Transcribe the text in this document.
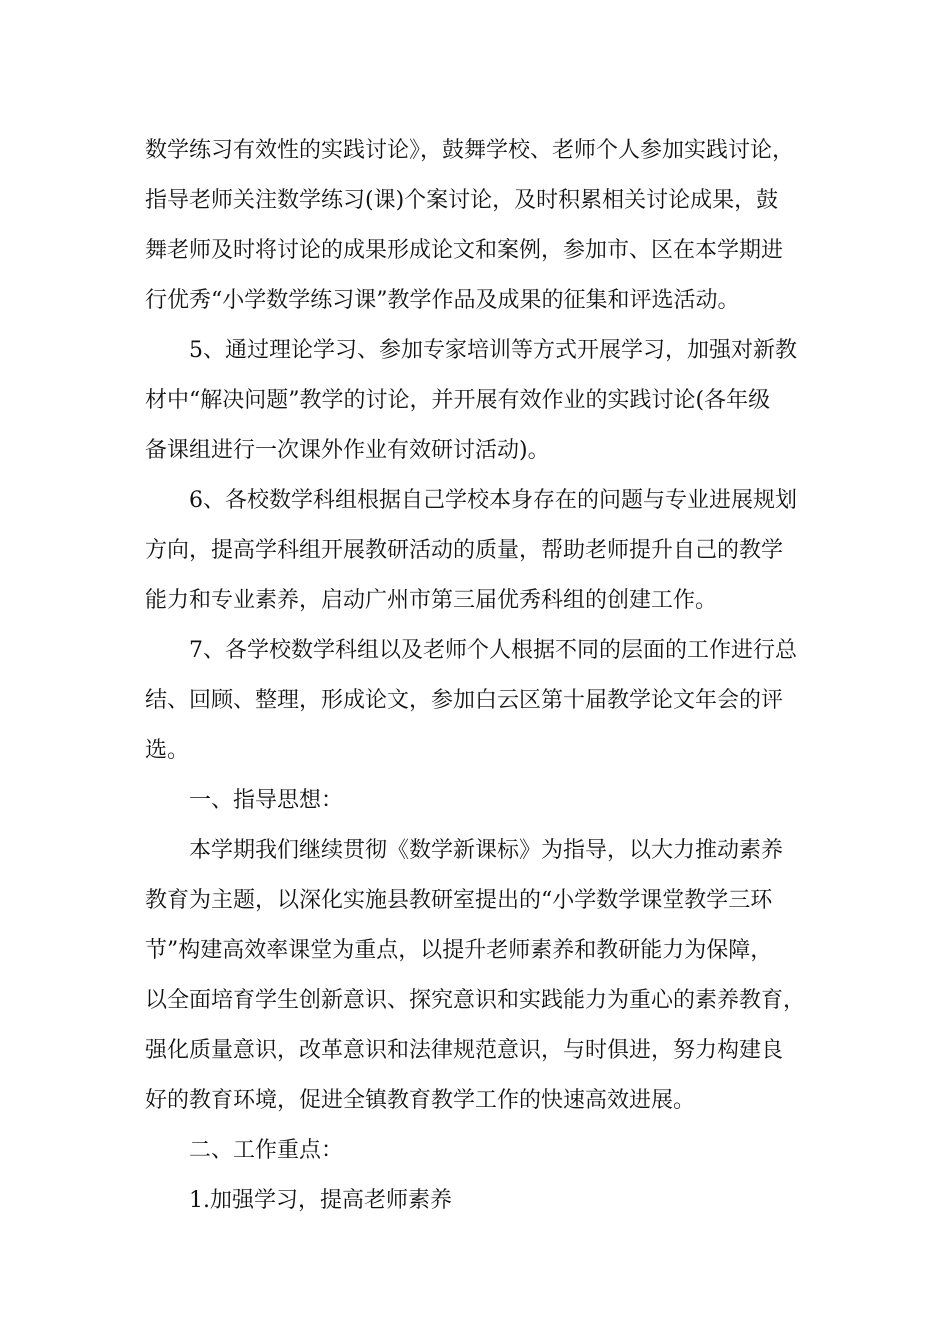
数学练习有效性的实践讨论》，鼓舞学校、老师个人参加实践讨论，
指导老师关注数学练习(课)个案讨论，及时积累相关讨论成果，鼓
舞老师及时将讨论的成果形成论文和案例，参加市、区在本学期进
行优秀“小学数学练习课”教学作品及成果的征集和评选活动。
5、通过理论学习、参加专家培训等方式开展学习，加强对新教
材中“解决问题”教学的讨论，并开展有效作业的实践讨论(各年级
备课组进行一次课外作业有效研讨活动)。
6、各校数学科组根据自己学校本身存在的问题与专业进展规划
方向，提高学科组开展教研活动的质量，帮助老师提升自己的教学
能力和专业素养，启动广州市第三届优秀科组的创建工作。
7、各学校数学科组以及老师个人根据不同的层面的工作进行总
结、回顾、整理，形成论文，参加白云区第十届教学论文年会的评
选。
一、指导思想：
本学期我们继续贯彻《数学新课标》为指导，以大力推动素养
教育为主题，以深化实施县教研室提出的“小学数学课堂教学三环
节”构建高效率课堂为重点，以提升老师素养和教研能力为保障，
以全面培育学生创新意识、探究意识和实践能力为重心的素养教育，
强化质量意识，改革意识和法律规范意识，与时俱进，努力构建良
好的教育环境，促进全镇教育教学工作的快速高效进展。
二、工作重点：
1.加强学习，提高老师素养
